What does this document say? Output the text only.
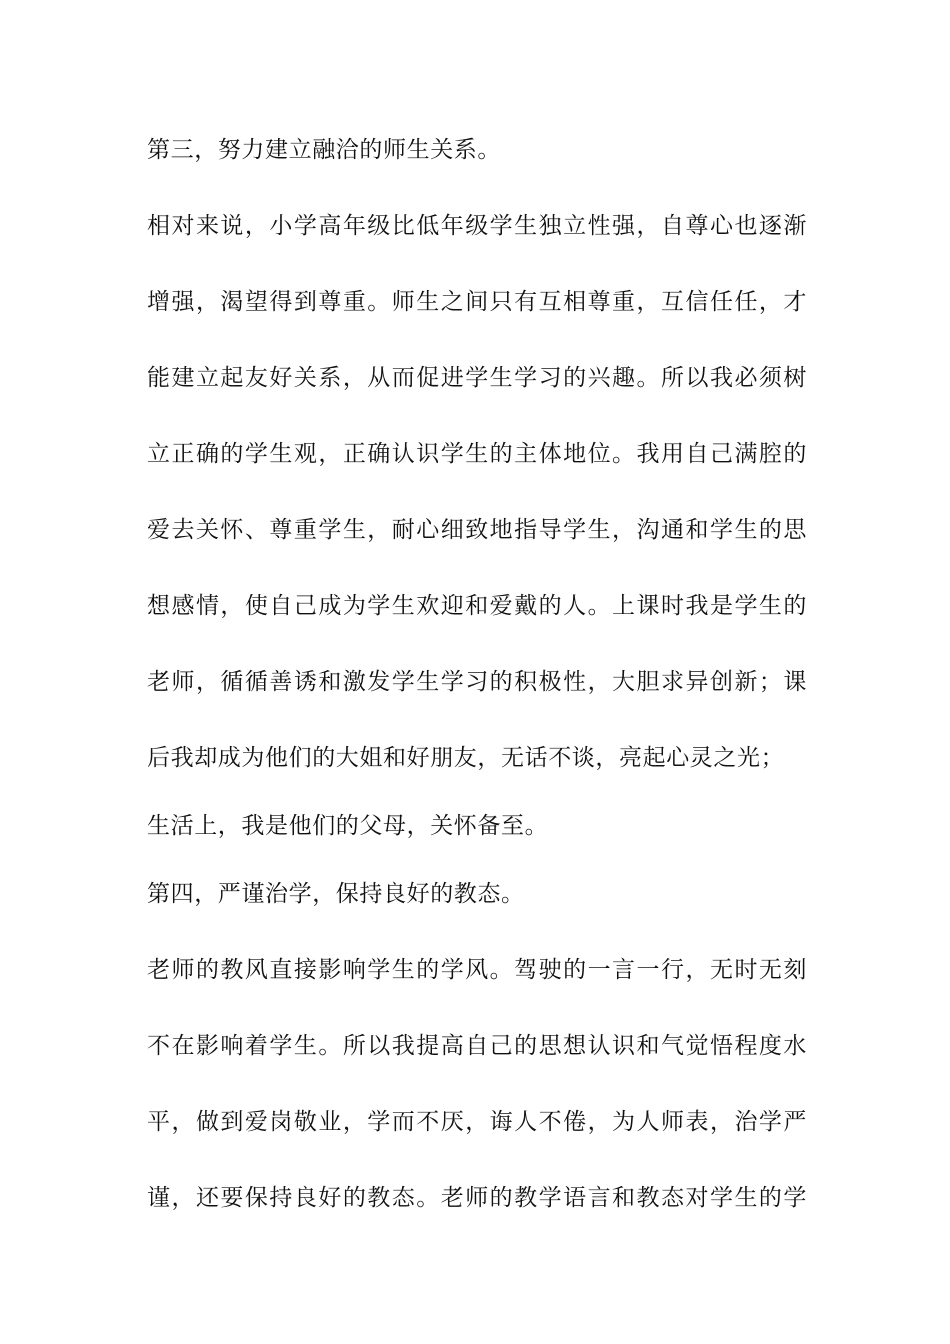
第三，努力建立融洽的师生关系。
相对来说，小学高年级比低年级学生独立性强，自尊心也逐渐
增强，渴望得到尊重。师生之间只有互相尊重，互信任任，才
能建立起友好关系，从而促进学生学习的兴趣。所以我必须树
立正确的学生观，正确认识学生的主体地位。我用自己满腔的
爱去关怀、尊重学生，耐心细致地指导学生，沟通和学生的思
想感情，使自己成为学生欢迎和爱戴的人。上课时我是学生的
老师，循循善诱和激发学生学习的积极性，大胆求异创新；课
后我却成为他们的大姐和好朋友，无话不谈，亮起心灵之光；
生活上，我是他们的父母，关怀备至。
第四，严谨治学，保持良好的教态。
老师的教风直接影响学生的学风。驾驶的一言一行，无时无刻
不在影响着学生。所以我提高自己的思想认识和气觉悟程度水
平，做到爱岗敬业，学而不厌，诲人不倦，为人师表，治学严
谨，还要保持良好的教态。老师的教学语言和教态对学生的学
